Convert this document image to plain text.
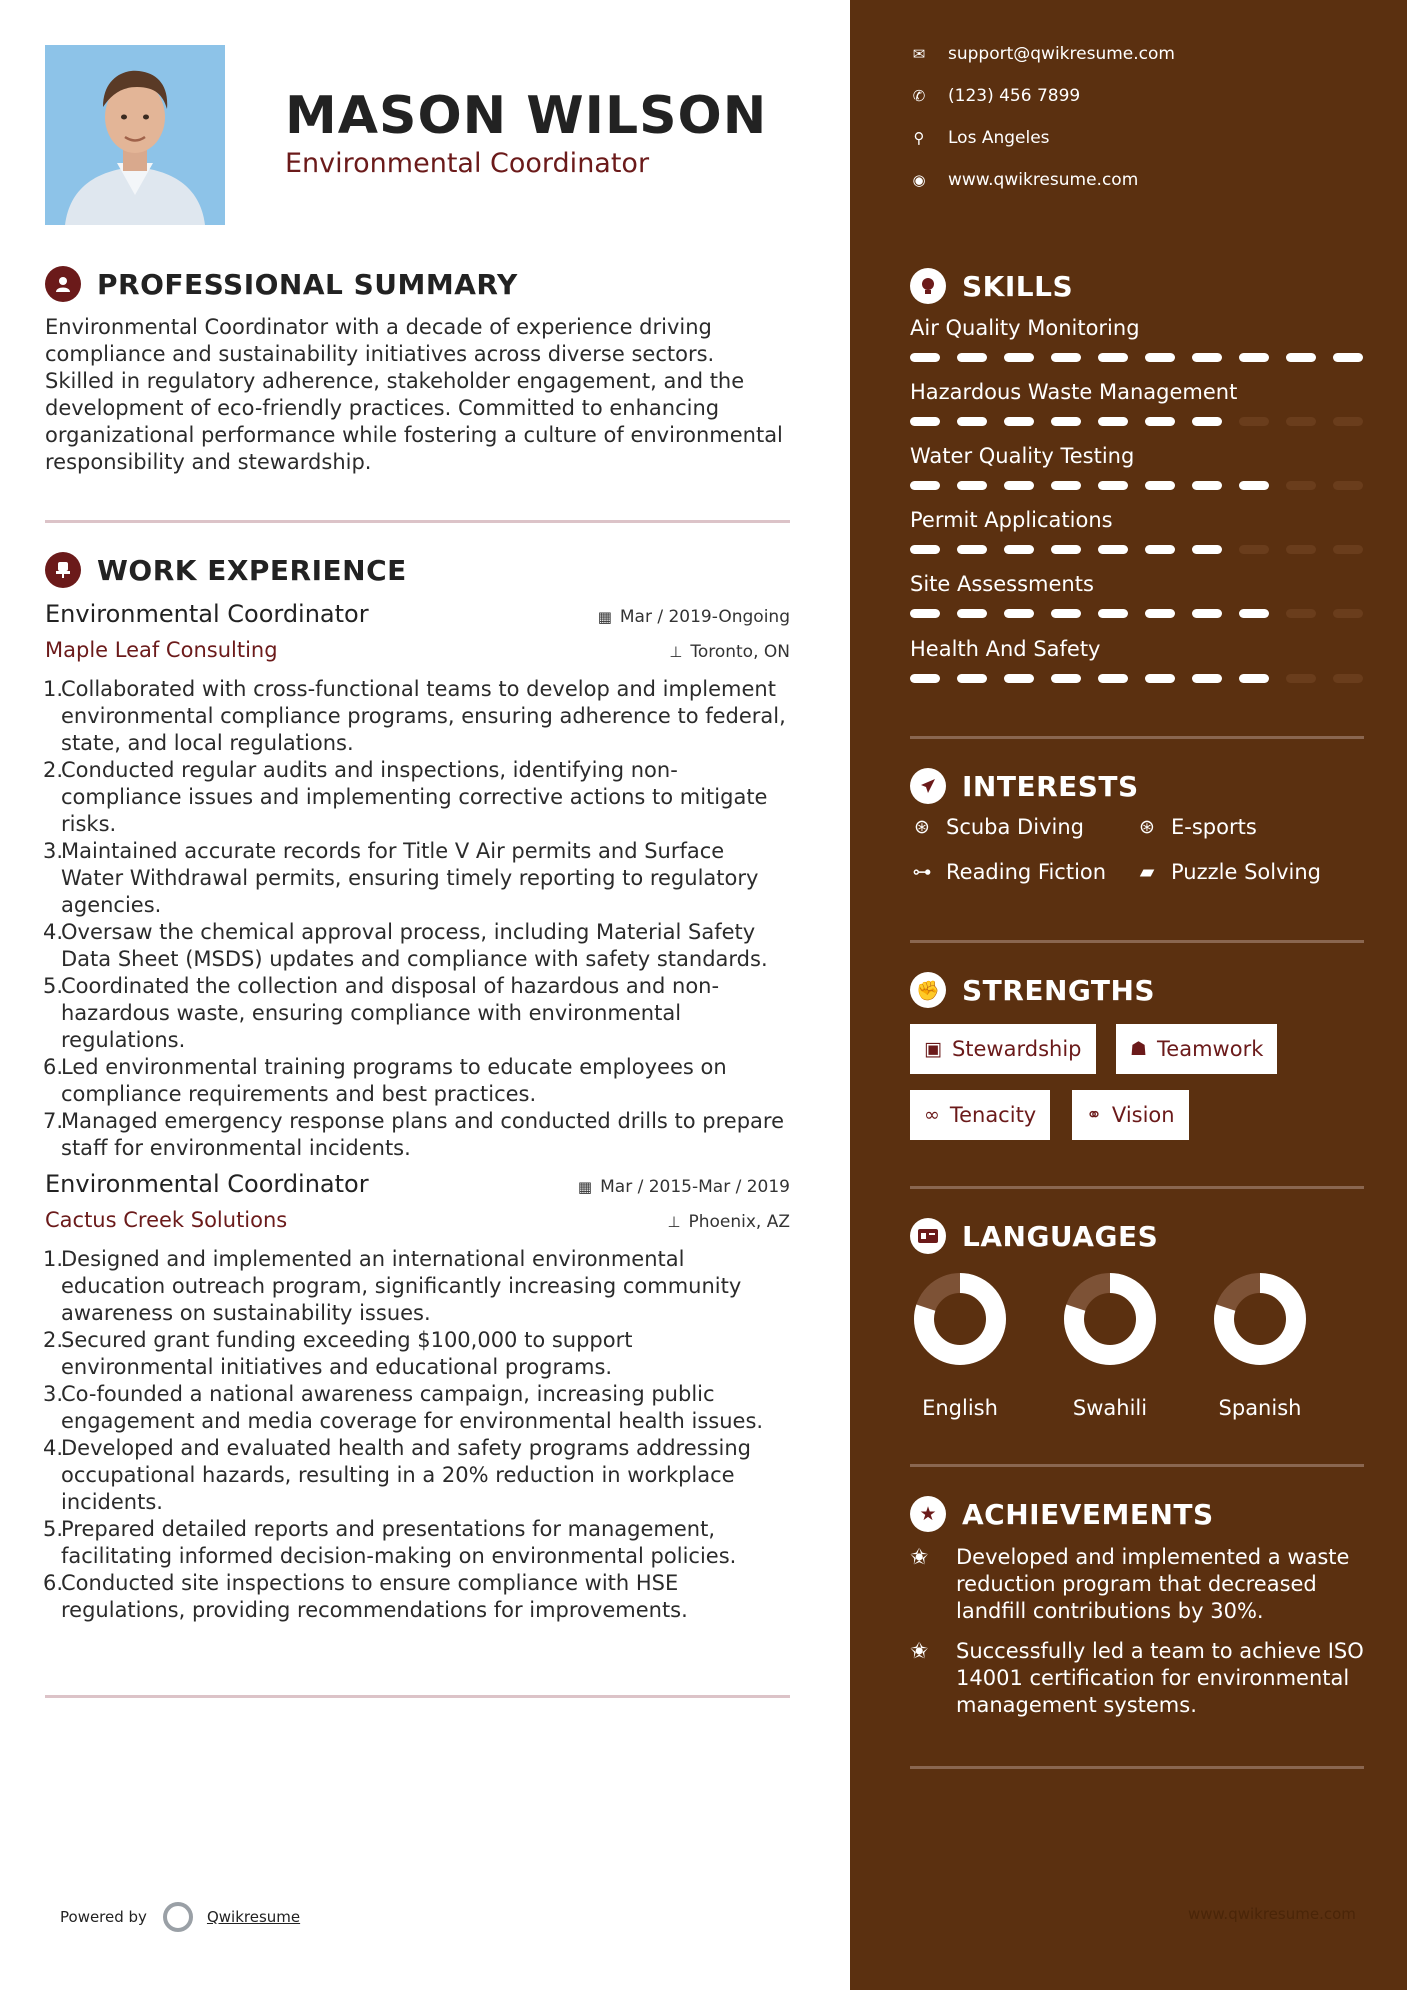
MASON WILSON
Environmental Coordinator
PROFESSIONAL SUMMARY
Environmental Coordinator with a decade of experience driving compliance and sustainability initiatives across diverse sectors. Skilled in regulatory adherence, stakeholder engagement, and the development of eco-friendly practices. Committed to enhancing organizational performance while fostering a culture of environmental responsibility and stewardship.
WORK EXPERIENCE
Environmental Coordinator	▦ Mar / 2019-Ongoing
Maple Leaf Consulting	⊥ Toronto, ON
1.
Collaborated with cross-functional teams to develop and implement environmental compliance programs, ensuring adherence to federal, state, and local regulations.
2.
Conducted regular audits and inspections, identifying non-compliance issues and implementing corrective actions to mitigate risks.
3.
Maintained accurate records for Title V Air permits and Surface Water Withdrawal permits, ensuring timely reporting to regulatory agencies.
4.
Oversaw the chemical approval process, including Material Safety Data Sheet (MSDS) updates and compliance with safety standards.
5.
Coordinated the collection and disposal of hazardous and non-hazardous waste, ensuring compliance with environmental regulations.
6.
Led environmental training programs to educate employees on compliance requirements and best practices.
7.
Managed emergency response plans and conducted drills to prepare staff for environmental incidents.
Environmental Coordinator	▦ Mar / 2015-Mar / 2019
Cactus Creek Solutions	⊥ Phoenix, AZ
1.
Designed and implemented an international environmental education outreach program, significantly increasing community awareness on sustainability issues.
2.
Secured grant funding exceeding $100,000 to support environmental initiatives and educational programs.
3.
Co-founded a national awareness campaign, increasing public engagement and media coverage for environmental health issues.
4.
Developed and evaluated health and safety programs addressing occupational hazards, resulting in a 20% reduction in workplace incidents.
5.
Prepared detailed reports and presentations for management, facilitating informed decision-making on environmental policies.
6.
Conducted site inspections to ensure compliance with HSE regulations, providing recommendations for improvements.
Powered by	Qwikresume
✉ support@qwikresume.com
✆ (123) 456 7899
⚲ Los Angeles
◉ www.qwikresume.com
SKILLS
Air Quality Monitoring
Hazardous Waste Management
Water Quality Testing
Permit Applications
Site Assessments
Health And Safety
INTERESTS
⊛ Scuba Diving	⊛ E-sports
⊶ Reading Fiction ▰ Puzzle Solving
✊ STRENGTHS
▣ Stewardship	☗ Teamwork
∞ Tenacity	⚭ Vision
LANGUAGES
English	Swahili	Spanish
★ ACHIEVEMENTS
✬	Developed and implemented a waste reduction program that decreased landfill contributions by 30%.
✬	Successfully led a team to achieve ISO 14001 certification for environmental management systems.
www.qwikresume.com
